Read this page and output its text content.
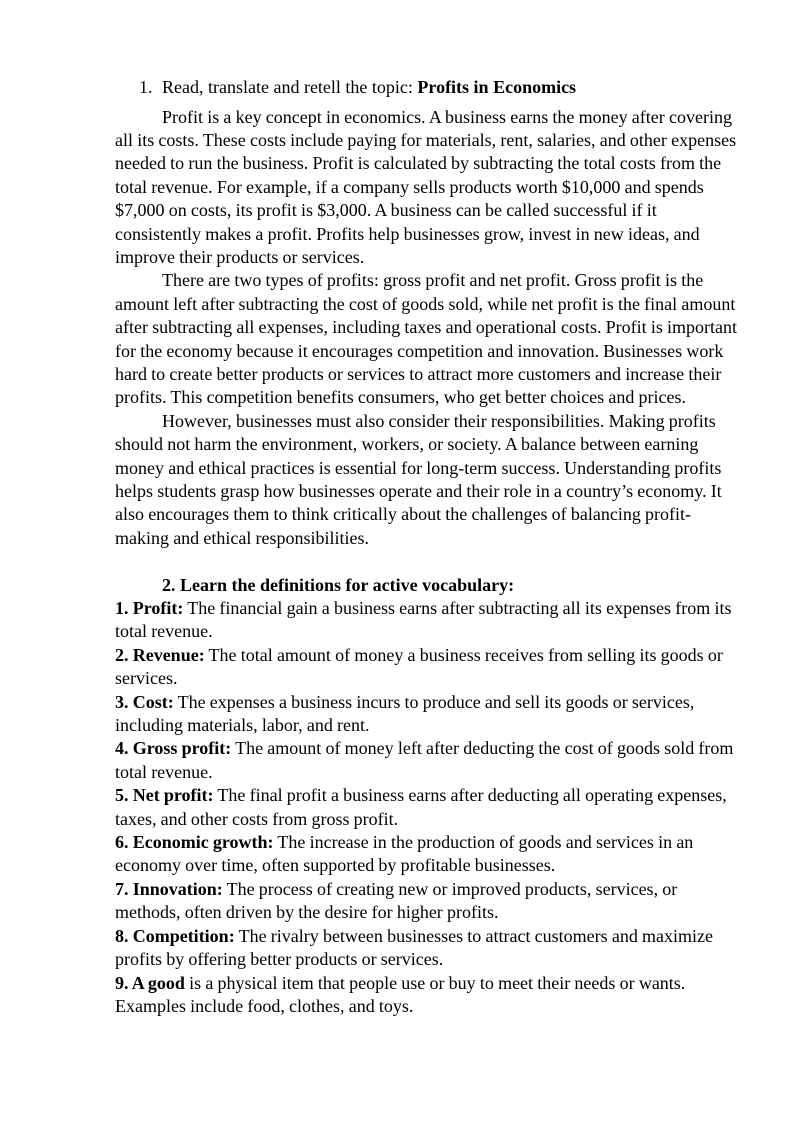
1. Read, translate and retell the topic: Profits in Economics

Profit is a key concept in economics. A business earns the money after covering all its costs. These costs include paying for materials, rent, salaries, and other expenses needed to run the business. Profit is calculated by subtracting the total costs from the total revenue. For example, if a company sells products worth $10,000 and spends $7,000 on costs, its profit is $3,000. A business can be called successful if it consistently makes a profit. Profits help businesses grow, invest in new ideas, and improve their products or services.

There are two types of profits: gross profit and net profit. Gross profit is the amount left after subtracting the cost of goods sold, while net profit is the final amount after subtracting all expenses, including taxes and operational costs. Profit is important for the economy because it encourages competition and innovation. Businesses work hard to create better products or services to attract more customers and increase their profits. This competition benefits consumers, who get better choices and prices.

However, businesses must also consider their responsibilities. Making profits should not harm the environment, workers, or society. A balance between earning money and ethical practices is essential for long-term success. Understanding profits helps students grasp how businesses operate and their role in a country’s economy. It also encourages them to think critically about the challenges of balancing profit-making and ethical responsibilities.

2. Learn the definitions for active vocabulary:

1. Profit: The financial gain a business earns after subtracting all its expenses from its total revenue.
2. Revenue: The total amount of money a business receives from selling its goods or services.
3. Cost: The expenses a business incurs to produce and sell its goods or services, including materials, labor, and rent.
4. Gross profit: The amount of money left after deducting the cost of goods sold from total revenue.
5. Net profit: The final profit a business earns after deducting all operating expenses, taxes, and other costs from gross profit.
6. Economic growth: The increase in the production of goods and services in an economy over time, often supported by profitable businesses.
7. Innovation: The process of creating new or improved products, services, or methods, often driven by the desire for higher profits.
8. Competition: The rivalry between businesses to attract customers and maximize profits by offering better products or services.
9. A good is a physical item that people use or buy to meet their needs or wants. Examples include food, clothes, and toys.
